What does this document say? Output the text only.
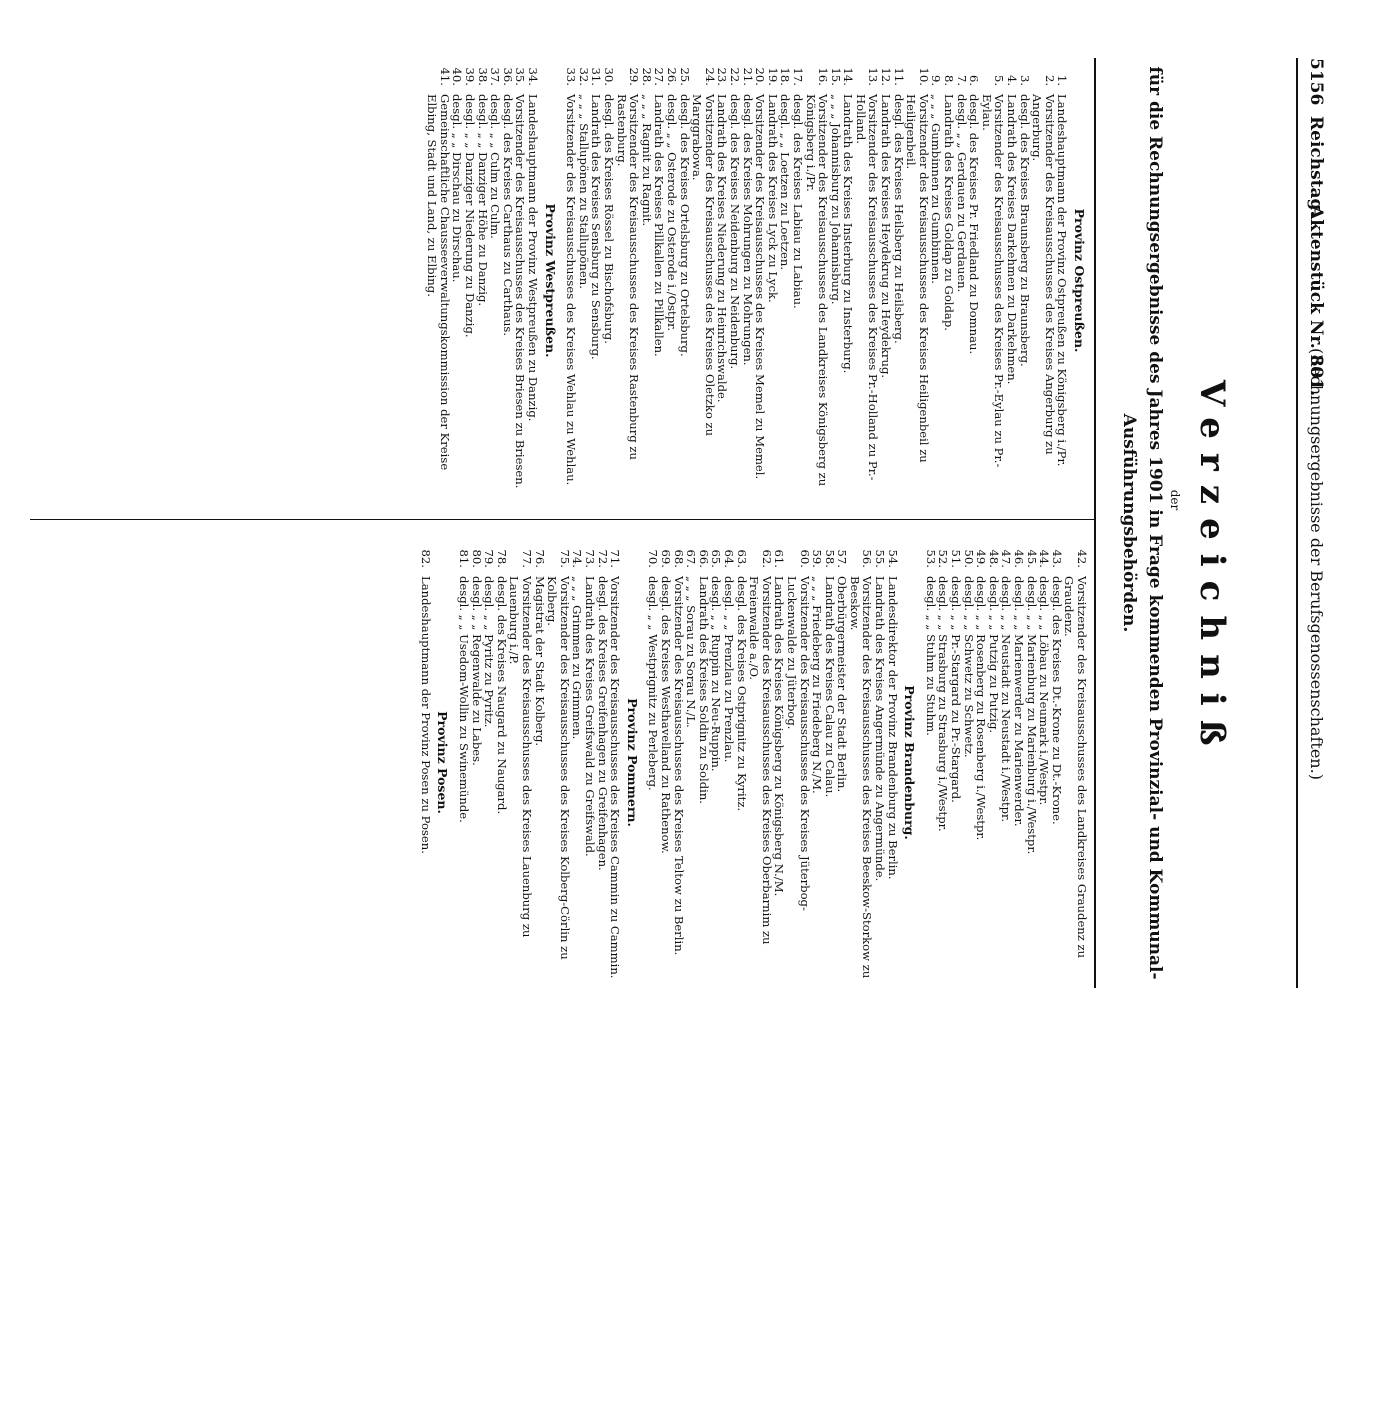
5156
Reichstag.
Aktenstück Nr. 801.
(Rechnungsergebnisse der Berufsgenossenschaften.)
Verzeichniß
der
für die Rechnungsergebnisse des Jahres 1901 in Frage kommenden Provinzial- und Kommunal-Ausführungsbehörden.
Provinz Ostpreußen.
1.
Landeshauptmann der Provinz Ostpreußen zu Königsberg i./Pr.
2.
Vorsitzender des Kreisausschusses des Kreises Angerburg zu Angerburg.
3.
desgl. des Kreises Braunsberg zu Braunsberg.
4.
Landrath des Kreises Darkehmen zu Darkehmen.
5.
Vorsitzender des Kreisausschusses des Kreises Pr.-Eylau zu Pr.-Eylau.
6.
desgl. des Kreises Pr. Friedland zu Domnau.
7.
desgl. „ „ Gerdauen zu Gerdauen.
8.
Landrath des Kreises Goldap zu Goldap.
9.
„ „ „ Gumbinnen zu Gumbinnen.
10.
Vorsitzender des Kreisausschusses des Kreises Heiligenbeil zu Heiligenbeil.
11.
desgl. des Kreises Heilsberg zu Heilsberg.
12.
Landrath des Kreises Heydekrug zu Heydekrug.
13.
Vorsitzender des Kreisausschusses des Kreises Pr.-Holland zu Pr.-Holland.
14.
Landrath des Kreises Insterburg zu Insterburg.
15.
„ „ „ Johannisburg zu Johannisburg.
16.
Vorsitzender des Kreisausschusses des Landkreises Königsberg zu Königsberg i./Pr.
17.
desgl. des Kreises Labiau zu Labiau.
18.
desgl. „ „ Loetzen zu Loetzen.
19.
Landrath des Kreises Lyck zu Lyck.
20.
Vorsitzender des Kreisausschusses des Kreises Memel zu Memel.
21.
desgl. des Kreises Mohrungen zu Mohrungen.
22.
desgl. des Kreises Neidenburg zu Neidenburg.
23.
Landrath des Kreises Niederung zu Heinrichswalde.
24.
Vorsitzender des Kreisausschusses des Kreises Oletzko zu Marggrabowa.
25.
desgl. des Kreises Ortelsburg zu Ortelsburg.
26.
desgl. „ „ Osterode zu Osterode i./Ostpr.
27.
Landrath des Kreises Pillkallen zu Pillkallen.
28.
„ „ „ Ragnit zu Ragnit.
29.
Vorsitzender des Kreisausschusses des Kreises Rastenburg zu Rastenburg.
30.
desgl. des Kreises Rössel zu Bischofsburg.
31.
Landrath des Kreises Sensburg zu Sensburg.
32.
„ „ „ Stallupönen zu Stallupönen.
33.
Vorsitzender des Kreisausschusses des Kreises Wehlau zu Wehlau.
Provinz Westpreußen.
34.
Landeshauptmann der Provinz Westpreußen zu Danzig.
35.
Vorsitzender des Kreisausschusses des Kreises Briesen zu Briesen.
36.
desgl. des Kreises Carthaus zu Carthaus.
37.
desgl. „ „ Culm zu Culm.
38.
desgl. „ „ Danziger Höhe zu Danzig.
39.
desgl. „ „ Danziger Niederung zu Danzig.
40.
desgl. „ „ Dirschau zu Dirschau.
41.
Gemeinschaftliche Chausseeverwaltungskommission der Kreise Elbing, Stadt und Land, zu Elbing.
42.
Vorsitzender des Kreisausschusses des Landkreises Graudenz zu Graudenz.
43.
desgl. des Kreises Dt.-Krone zu Dt.-Krone.
44.
desgl. „ „ Löbau zu Neumark i./Westpr.
45.
desgl. „ „ Marienburg zu Marienburg i./Westpr.
46.
desgl. „ „ Marienwerder zu Marienwerder.
47.
desgl. „ „ Neustadt zu Neustadt i./Westpr.
48.
desgl. „ „ Putzig zu Putzig.
49.
desgl. „ „ Rosenberg zu Rosenberg i./Westpr.
50.
desgl. „ „ Schwetz zu Schwetz.
51.
desgl. „ „ Pr.-Stargard zu Pr.-Stargard.
52.
desgl. „ „ Strasburg zu Strasburg i./Westpr.
53.
desgl. „ „ Stuhm zu Stuhm.
Provinz Brandenburg.
54.
Landesdirektor der Provinz Brandenburg zu Berlin.
55.
Landrath des Kreises Angermünde zu Angermünde.
56.
Vorsitzender des Kreisausschusses des Kreises Beeskow-Storkow zu Beeskow.
57.
Oberbürgermeister der Stadt Berlin.
58.
Landrath des Kreises Calau zu Calau.
59.
„ „ „ Friedeberg zu Friedeberg N./M.
60.
Vorsitzender des Kreisausschusses des Kreises Jüterbog-Luckenwalde zu Jüterbog.
61.
Landrath des Kreises Königsberg zu Königsberg N./M.
62.
Vorsitzender des Kreisausschusses des Kreises Oberbarnim zu Freienwalde a./O.
63.
desgl. des Kreises Ostprignitz zu Kyritz.
64.
desgl. „ „ Prenzlau zu Prenzlau.
65.
desgl. „ „ Ruppin zu Neu-Ruppin.
66.
Landrath des Kreises Soldin zu Soldin.
67.
„ „ „ Sorau zu Sorau N./L.
68.
Vorsitzender des Kreisausschusses des Kreises Teltow zu Berlin.
69.
desgl. des Kreises Westhavelland zu Rathenow.
70.
desgl. „ „ Westprignitz zu Perleberg.
Provinz Pommern.
71.
Vorsitzender des Kreisausschusses des Kreises Cammin zu Cammin.
72.
desgl. des Kreises Greifenhagen zu Greifenhagen.
73.
Landrath des Kreises Greifswald zu Greifswald.
74.
„ „ „ Grimmen zu Grimmen.
75.
Vorsitzender des Kreisausschusses des Kreises Kolberg-Cörlin zu Kolberg.
76.
Magistrat der Stadt Kolberg.
77.
Vorsitzender des Kreisausschusses des Kreises Lauenburg zu Lauenburg i./P.
78.
desgl. des Kreises Naugard zu Naugard.
79.
desgl. „ „ Pyritz zu Pyritz.
80.
desgl. „ „ Regenwalde zu Labes.
81.
desgl. „ „ Usedom-Wollin zu Swinemünde.
Provinz Posen.
82.
Landeshauptmann der Provinz Posen zu Posen.
